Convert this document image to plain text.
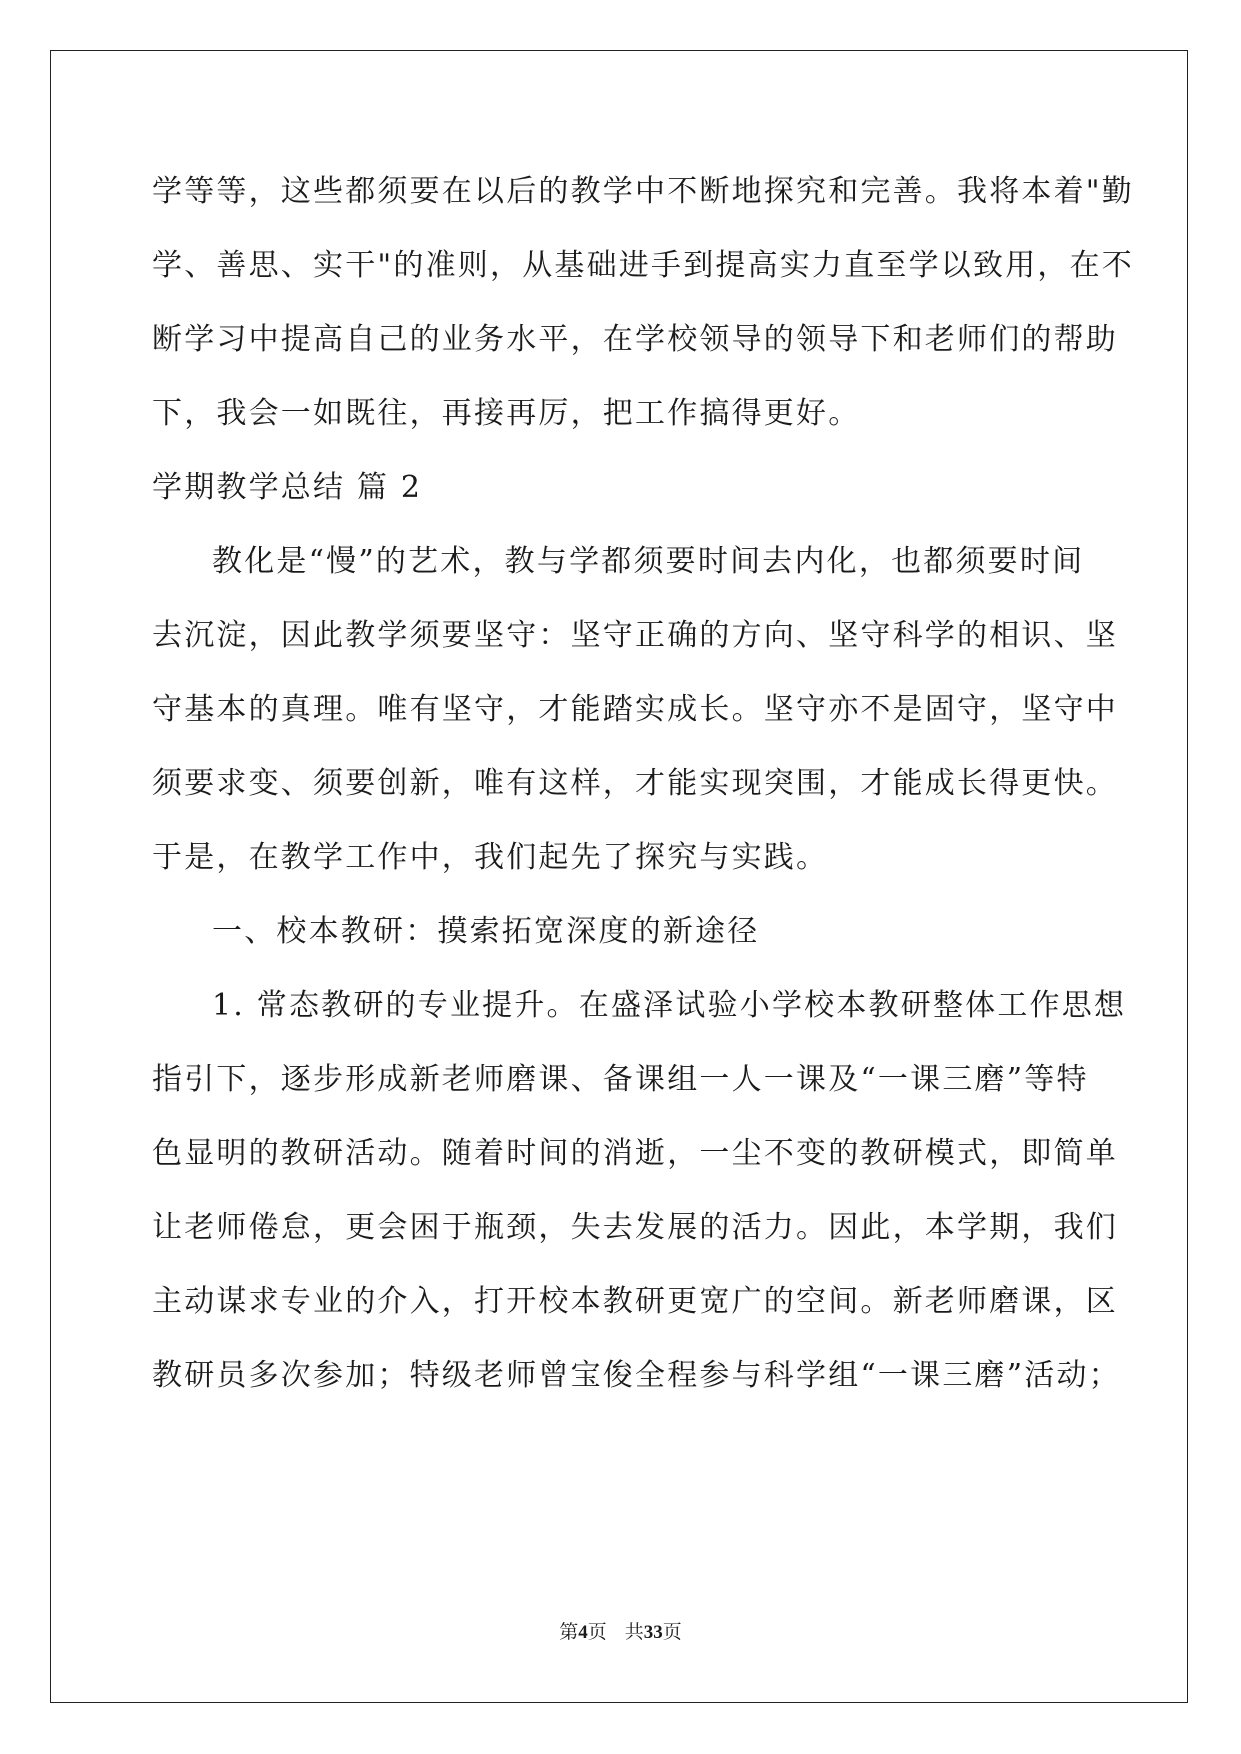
学等等，这些都须要在以后的教学中不断地探究和完善。我将本着"勤
学、善思、实干"的准则，从基础进手到提高实力直至学以致用，在不
断学习中提高自己的业务水平，在学校领导的领导下和老师们的帮助
下，我会一如既往，再接再厉，把工作搞得更好。
学期教学总结 篇 2
教化是“慢”的艺术，教与学都须要时间去内化，也都须要时间
去沉淀，因此教学须要坚守：坚守正确的方向、坚守科学的相识、坚
守基本的真理。唯有坚守，才能踏实成长。坚守亦不是固守，坚守中
须要求变、须要创新，唯有这样，才能实现突围，才能成长得更快。
于是，在教学工作中，我们起先了探究与实践。
一、校本教研：摸索拓宽深度的新途径
1. 常态教研的专业提升。在盛泽试验小学校本教研整体工作思想
指引下，逐步形成新老师磨课、备课组一人一课及“一课三磨”等特
色显明的教研活动。随着时间的消逝，一尘不变的教研模式，即简单
让老师倦怠，更会困于瓶颈，失去发展的活力。因此，本学期，我们
主动谋求专业的介入，打开校本教研更宽广的空间。新老师磨课，区
教研员多次参加；特级老师曾宝俊全程参与科学组“一课三磨”活动；
第4页 共33页
